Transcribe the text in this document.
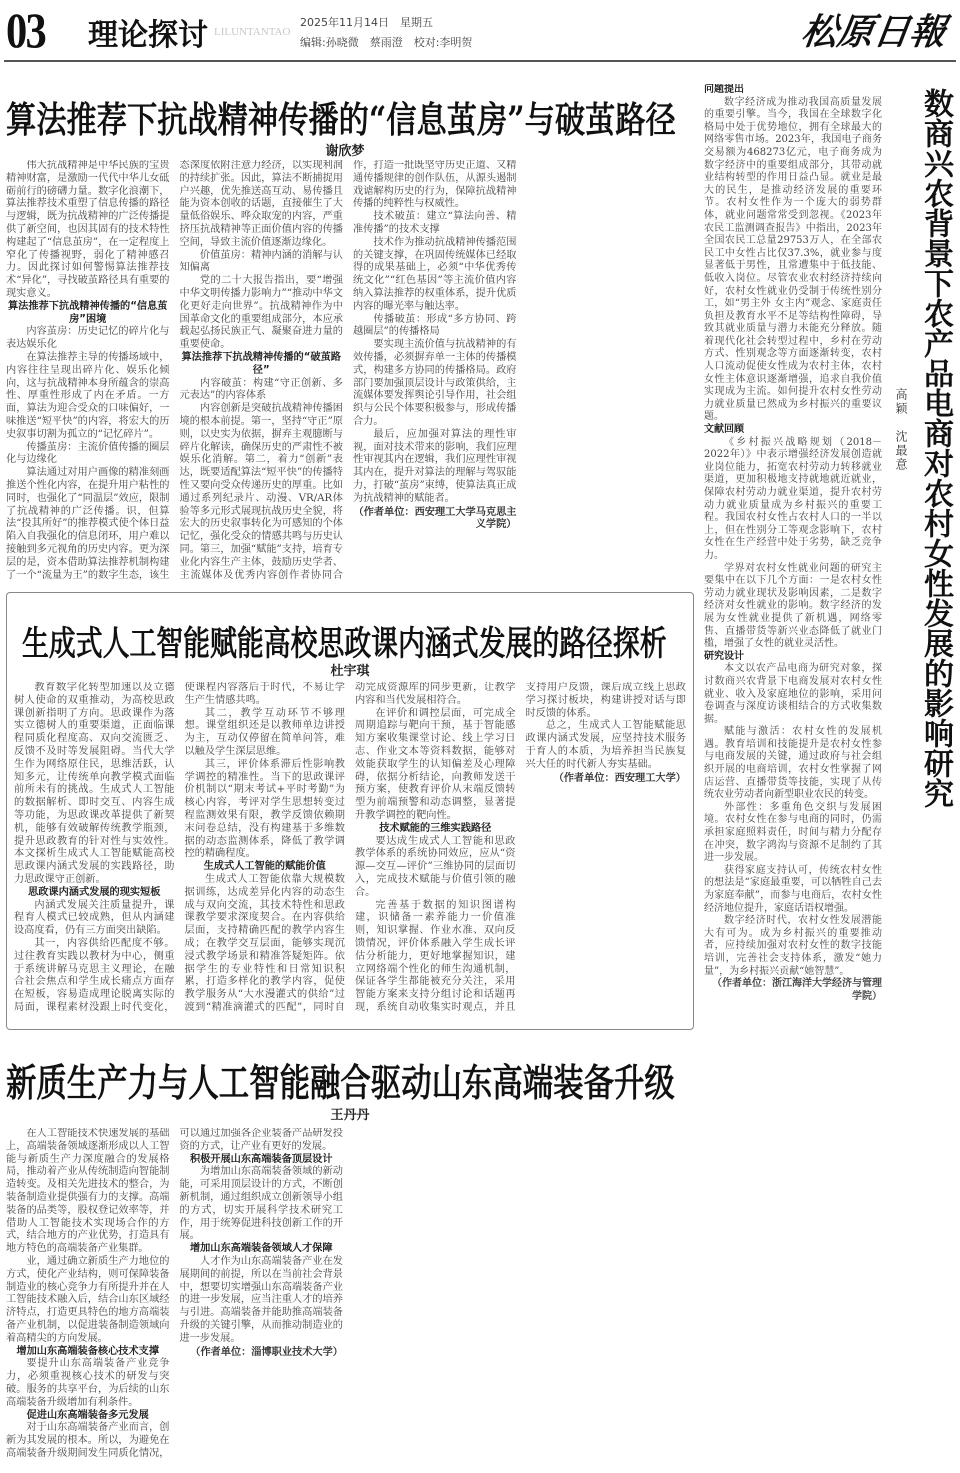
03 理论探讨 LILUNTANTAO
2025年11月14日　星期五
编辑:孙晓微　蔡雨澄　校对:李明贺	松原日報
算法推荐下抗战精神传播的“信息茧房”与破茧路径
谢欣梦

伟大抗战精神是中华民族的宝贵精神财富，是激励一代代中华儿女砥砺前行的磅礴力量。数字化浪潮下，算法推荐技术重塑了信息传播的路径与逻辑，既为抗战精神的广泛传播提供了新空间，也因其固有的技术特性构建起了“信息茧房”，在一定程度上窄化了传播视野，弱化了精神感召力。因此探讨如何警惕算法推荐技术“异化”，寻找破茧路径具有重要的现实意义。

算法推荐下抗战精神传播的“信息茧房”困境

内容茧房：历史记忆的碎片化与表达娱乐化

在算法推荐主导的传播场域中，内容往往呈现出碎片化、娱乐化倾向，这与抗战精神本身所蕴含的崇高性、厚重性形成了内在矛盾。一方面，算法为迎合受众的口味偏好，一味推送“短平快”的内容，将宏大的历史叙事切割为孤立的“记忆碎片”。

传播茧房：主流价值传播的圈层化与边缘化

算法通过对用户画像的精准刻画推送个性化内容，在提升用户粘性的同时，也强化了“同温层”效应，限制了抗战精神的广泛传播。识，但算法“投其所好”的推荐模式使个体日益陷入自我强化的信息闭环，用户难以接触到多元视角的历史内容。更为深层的是，资本借助算法推荐机制构建了一个“流量为王”的数字生态，该生态深度依附注意力经济，以实现利润的持续扩张。因此，算法不断捕捉用户兴趣，优先推送高互动、易传播且能为资本创收的话题，直接催生了大量低俗娱乐、哗众取宠的内容，严重挤压抗战精神等正面价值内容的传播空间，导致主流价值逐渐边缘化。

价值茧房：精神内涵的消解与认知偏离

党的二十大报告指出，要“增强中华文明传播力影响力”“推动中华文化更好走向世界”。抗战精神作为中国革命文化的重要组成部分，本应承载起弘扬民族正气、凝聚奋进力量的重要使命。

算法推荐下抗战精神传播的“破茧路径”

内容破茧：构建“守正创新、多元表达”的内容体系

内容创新是突破抗战精神传播困境的根本前提。第一，坚持“守正”原则，以史实为依据，摒弃主观臆断与碎片化解读，确保历史的严肃性不被娱乐化消解。第二，着力“创新”表达，既要适配算法“短平快”的传播特性又要向受众传递历史的厚重。比如通过系列纪录片、动漫、VR/AR体验等多元形式展现抗战历史全貌，将宏大的历史叙事转化为可感知的个体记忆，强化受众的情感共鸣与历史认同。第三，加强“赋能”支持，培育专业化内容生产主体，鼓励历史学者、主流媒体及优秀内容创作者协同合作，打造一批既坚守历史正道、又精通传播规律的创作队伍，从源头遏制戏谑解构历史的行为，保障抗战精神传播的纯粹性与权威性。

技术破茧：建立“算法向善、精准传播”的技术支撑

技术作为推动抗战精神传播范围的关键支撑，在巩固传统媒体已经取得的成果基础上，必须“中华优秀传统文化”“红色基因”等主流价值内容纳入算法推荐的权重体系，提升优质内容的曝光率与触达率。

传播破茧：形成“多方协同、跨越圈层”的传播格局

要实现主流价值与抗战精神的有效传播，必须摒弃单一主体的传播模式，构建多方协同的传播格局。政府部门要加强顶层设计与政策供给，主流媒体要发挥舆论引导作用，社会组织与公民个体要积极参与，形成传播合力。

最后，应加强对算法的理性审视，面对技术带来的影响，我们应理性审视其内在逻辑，我们应理性审视其内在，提升对算法的理解与驾驭能力，打破“茧房”束缚，使算法真正成为抗战精神的赋能者。

（作者单位：西安理工大学马克思主义学院）

生成式人工智能赋能高校思政课内涵式发展的路径探析
杜宇琪

教育数字化转型加速以及立德树人使命的双重推动，为高校思政课创新指明了方向。思政课作为落实立德树人的重要渠道，正面临课程同质化程度高、双向交流匮乏、反馈不及时等发展阻碍。当代大学生作为网络原住民，思维活跃，认知多元，让传统单向教学模式面临前所未有的挑战。生成式人工智能的数据解析、即时交互、内容生成等功能，为思政课改革提供了新契机，能够有效破解传统教学瓶颈，提升思政教育的针对性与实效性。本文探析生成式人工智能赋能高校思政课内涵式发展的实践路径，助力思政课守正创新。

思政课内涵式发展的现实短板

内涵式发展关注质量提升，课程育人模式已较成熟，但从内涵建设高度看，仍有三方面突出缺陷。

其一，内容供给匹配度不够。过往教育实践以教材为中心，侧重于系统讲解马克思主义理论，在融合社会焦点和学生成长痛点方面存在短板，容易造成理论脱离实际的局面，课程素材没跟上时代变化，使课程内容落后于时代，不易让学生产生情感共鸣。

其二，教学互动环节不够理想。课堂组织还是以教师单边讲授为主，互动仅停留在简单问答，难以触及学生深层思维。

其三，评价体系滞后性影响教学调控的精准性。当下的思政课评价机制以“期末考试+平时考勤”为核心内容，考评对学生思想转变过程监测效果有限，教学反馈依赖期末问卷总结，没有构建基于多维数据的动态监测体系，降低了教学调控的精确程度。

生成式人工智能的赋能价值

生成式人工智能依靠大规模数据训练，达成差异化内容的动态生成与双向交流，其技术特性和思政课教学要求深度契合。在内容供给层面，支持精确匹配的教学内容生成；在教学交互层面，能够实现沉浸式教学场景和精准答疑矩阵。依据学生的专业特性和日常知识积累，打造多样化的教学内容，促使教学服务从“大水漫灌式的供给”过渡到“精准滴灌式的匹配”，同时自动完成资源库的同步更新，让教学内容和当代发展相符合。

在评价和调控层面，可完成全周期追踪与靶向干预，基于智能感知方案收集课堂讨论、线上学习日志、作业文本等资料数据，能够对效能获取学生的认知偏差及心理障碍，依据分析结论，向教师发送干预方案，使教育评价从末端反馈转型为前端预警和动态调整，显著提升教学调控的靶向性。

技术赋能的三维实践路径

要达成生成式人工智能和思政教学体系的系统协同效应，应从“资源—交互—评价”三维协同的层面切入，完成技术赋能与价值引领的融合。

完善基于数据的知识图谱构建，识储备一素养能力一价值准则，知识掌握、作业水准、双向反馈情况，评价体系融入学生成长评估分析能力，更好地掌握知识，建立网络端个性化的师生沟通机制，保证各学生都能被充分关注，采用智能方案来支持分组讨论和话题再现，系统自动收集实时观点，并且支持用户反馈，课后成立线上思政学习探讨板块，构建讲授对话与即时反馈的体系。

总之，生成式人工智能赋能思政课内涵式发展，应坚持技术服务于育人的本质，为培养担当民族复兴大任的时代新人夯实基础。

（作者单位：西安理工大学）

新质生产力与人工智能融合驱动山东高端装备升级
王丹丹

在人工智能技术快速发展的基础上，高端装备领域逐渐形成以人工智能与新质生产力深度融合的发展格局，推动着产业从传统制造向智能制造转变。及相关先进技术的整合，为装备制造业提供强有力的支撑。高端装备的品类等，股权登记效率等，并借助人工智能技术实现场合作的方式，结合地方的产业优势，打造具有地方特色的高端装备产业集群。

业，通过确立新质生产力地位的方式，使化产业结构，则可保障装备制造业的核心竞争力有所提升并在人工智能技术融入后，结合山东区域经济特点，打造更具特色的地方高端装备产业机制，以促进装备制造领域向着高精尖的方向发展。

增加山东高端装备核心技术支撑

要提升山东高端装备产业竞争力，必须重视核心技术的研发与突破。服务的共享平台，为后续的山东高端装备升级增加有利条件。

促进山东高端装备多元发展

对于山东高端装备产业而言，创新为其发展的根本。所以，为避免在高端装备升级期间发生同质化情况，可以通过加强各企业装备产品研发投资的方式，让产业有更好的发展。

积极开展山东高端装备顶层设计

为增加山东高端装备领域的新动能，可采用顶层设计的方式，不断创新机制，通过组织成立创新领导小组的方式，切实开展科学技术研究工作，用于统筹促进科技创新工作的开展。

增加山东高端装备领域人才保障

人才作为山东高端装备产业在发展期间的前提，所以在当前社会背景中，想要切实增强山东高端装备产业的进一步发展，应当注重人才的培养与引进。高端装备并能助推高端装备升级的关键引擎，从而推动制造业的进一步发展。

（作者单位：淄博职业技术大学）

数商兴农背景下农产品电商对农村女性发展的影响研究
高颖　沈最意

问题提出

数字经济成为推动我国高质量发展的重要引擎。当今，我国在全球数字化格局中处于优势地位，拥有全球最大的网络零售市场。2023年，我国电子商务交易额为468273亿元，电子商务成为数字经济中的重要组成部分，其带动就业结构转型的作用日益凸显。就业是最大的民生，是推动经济发展的重要环节。农村女性作为一个庞大的弱势群体，就业问题常常受到忽视。《2023年农民工监测调查报告》中指出，2023年全国农民工总量29753万人，在全部农民工中女性占比仅37.3%，就业参与度显著低于男性，且常遭集中于低技能、低收入岗位。尽管农业农村经济持续向好，农村女性就业仍受制于传统性别分工，如“男主外 女主内”观念、家庭责任负担及教育水平不足等结构性障碍，导致其就业质量与潜力未能充分释放。随着现代化社会转型过程中，乡村在劳动方式、性别观念等方面逐渐转变，农村人口流动促使女性成为农村主体，农村女性主体意识逐渐增强，追求自我价值实现成为主流。如何提升农村女性劳动力就业质量已然成为乡村振兴的重要议题。

文献回顾

《乡村振兴战略规划（2018－2022年）》中表示增强经济发展创造就业岗位能力，拓宽农村劳动力转移就业渠道，更加积极地支持就地就近就业，保障农村劳动力就业渠道，提升农村劳动力就业质量成为乡村振兴的重要工程。我国农村女性占农村人口的一半以上，但在性别分工等观念影响下，农村女性在生产经营中处于劣势，缺乏竞争力。

学界对农村女性就业问题的研究主要集中在以下几个方面：一是农村女性劳动力就业现状及影响因素，二是数字经济对女性就业的影响。数字经济的发展为女性就业提供了新机遇，网络零售、直播带货等新兴业态降低了就业门槛，增强了女性的就业灵活性。

研究设计

本文以农产品电商为研究对象，探讨数商兴农背景下电商发展对农村女性就业、收入及家庭地位的影响，采用问卷调查与深度访谈相结合的方式收集数据。

赋能与激活：农村女性的发展机遇。教育培训和技能提升是农村女性参与电商发展的关键，通过政府与社会组织开展的电商培训，农村女性掌握了网店运营、直播带货等技能，实现了从传统农业劳动者向新型职业农民的转变。

外部性：多重角色交织与发展困境。农村女性在参与电商的同时，仍需承担家庭照料责任，时间与精力分配存在冲突，数字鸿沟与资源不足制约了其进一步发展。

获得家庭支持认可，传统农村女性的想法是“家庭最重要，可以牺牲自己去为家庭奉献”，而参与电商后，农村女性经济地位提升，家庭话语权增强。

数字经济时代，农村女性发展潜能大有可为。成为乡村振兴的重要推动者，应持续加强对农村女性的数字技能培训，完善社会支持体系，激发“她力量”，为乡村振兴贡献“她智慧”。

（作者单位：浙江海洋大学经济与管理学院）
